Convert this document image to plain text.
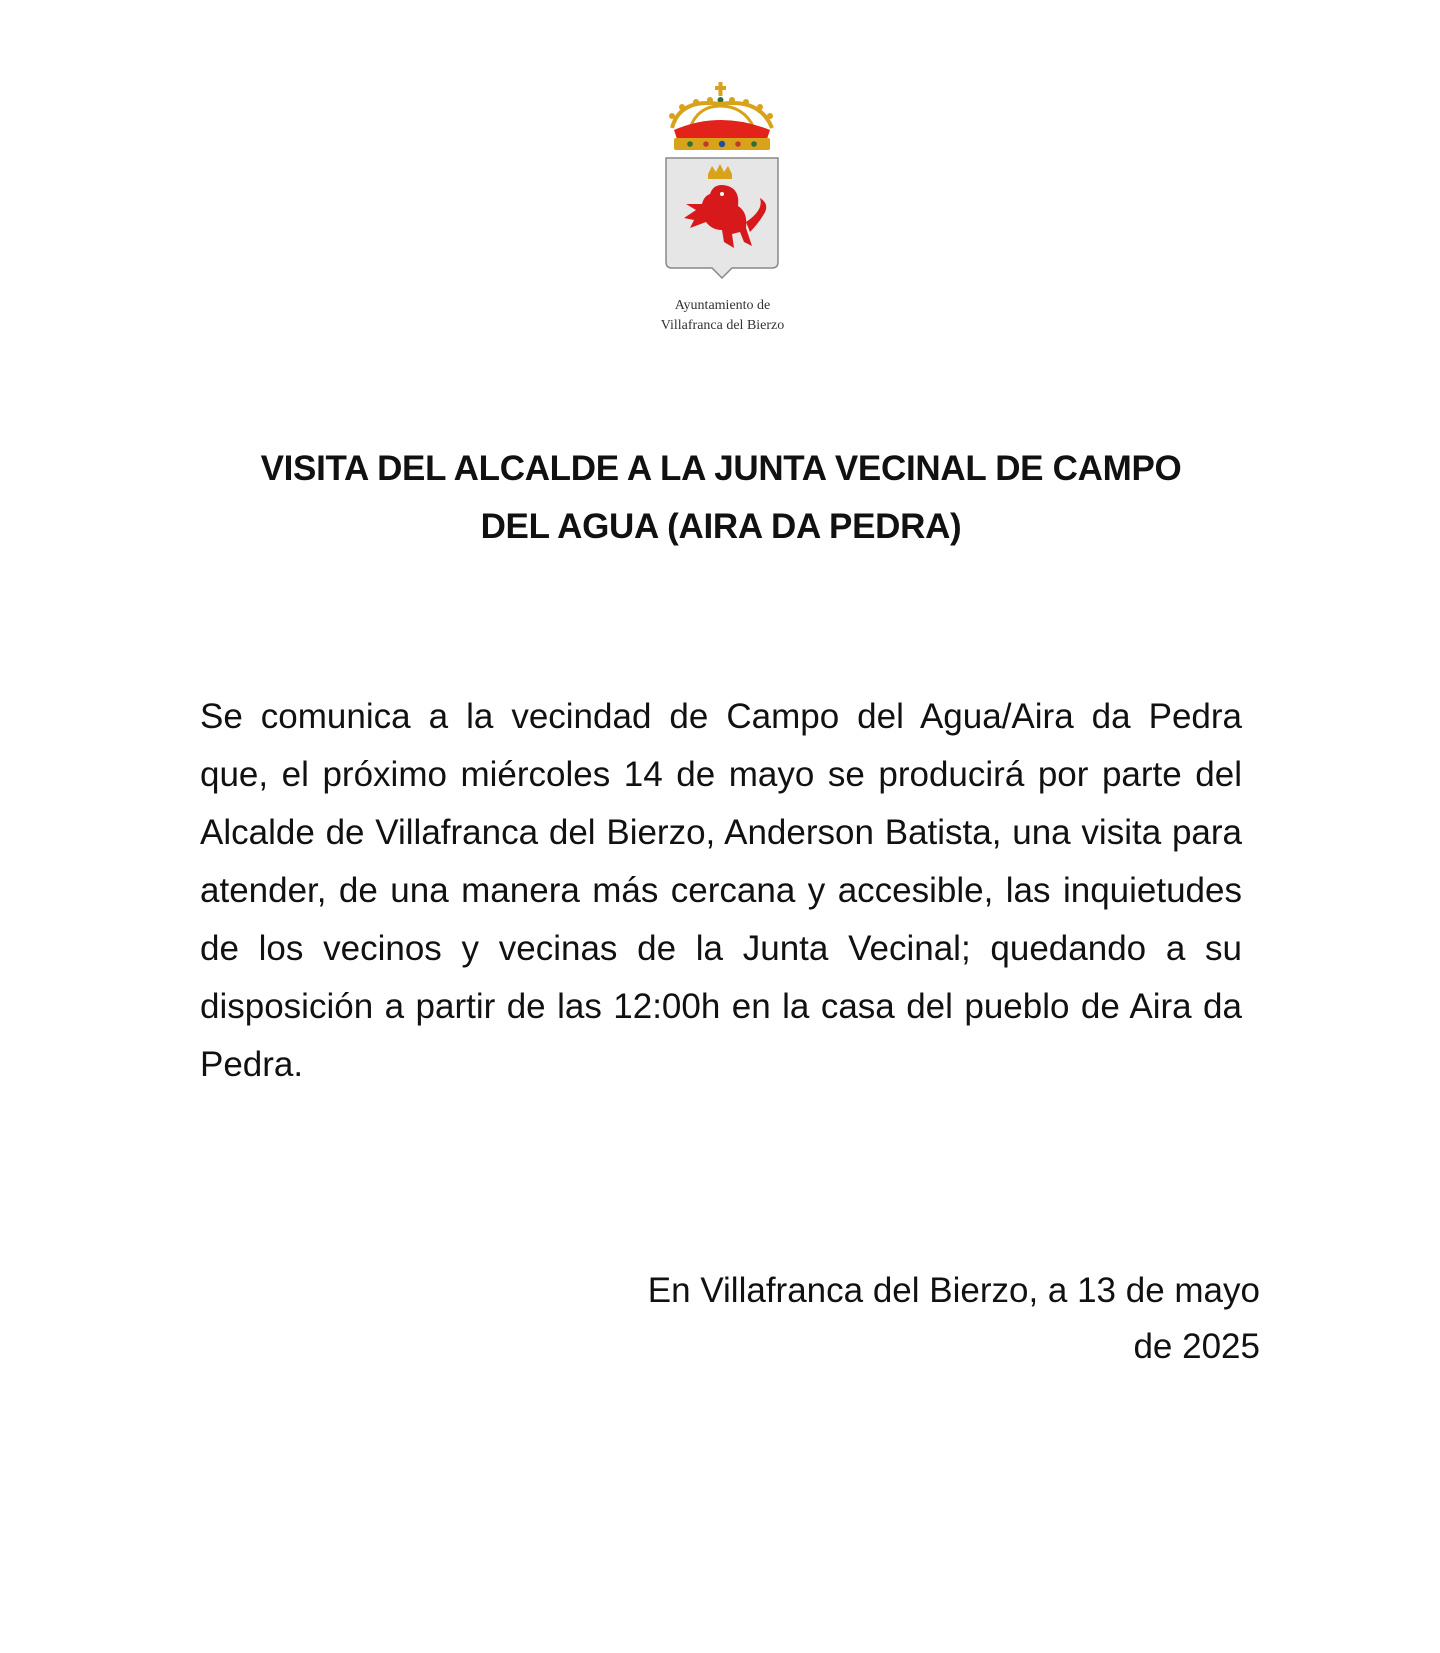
Ayuntamiento de
Villafranca del Bierzo
VISITA DEL ALCALDE A LA JUNTA VECINAL DE CAMPO
DEL AGUA (AIRA DA PEDRA)

Se comunica a la vecindad de Campo del Agua/Aira da Pedra que, el próximo miércoles 14 de mayo se producirá por parte del Alcalde de Villafranca del Bierzo, Anderson Batista, una visita para atender, de una manera más cercana y accesible, las inquietudes de los vecinos y vecinas de la Junta Vecinal; quedando a su disposición a partir de las 12:00h en la casa del pueblo de Aira da Pedra.

En Villafranca del Bierzo, a 13 de mayo
de 2025
